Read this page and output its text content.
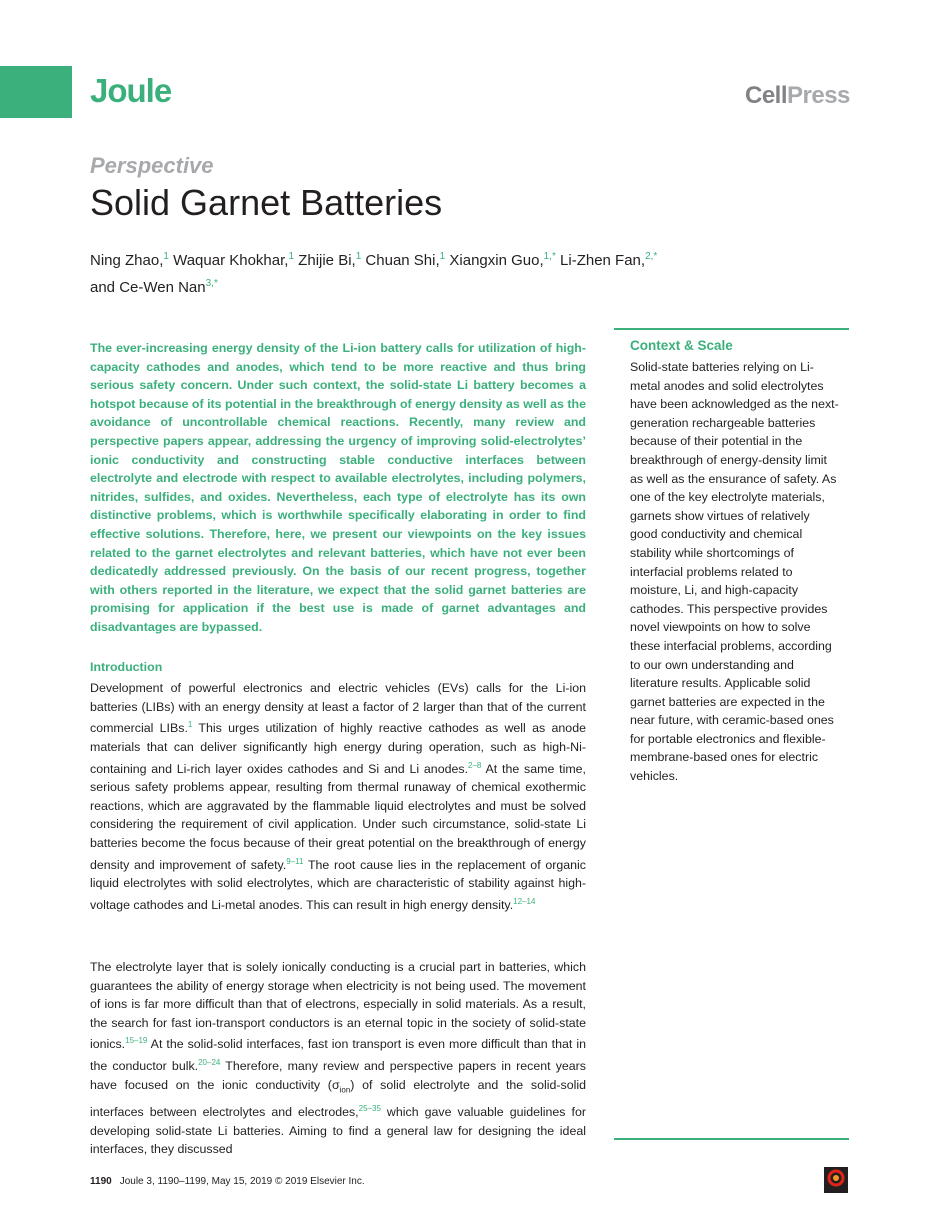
Joule	CellPress
Perspective
Solid Garnet Batteries
Ning Zhao,$^1$ Waquar Khokhar,$^1$ Zhijie Bi,$^1$ Chuan Shi,$^1$ Xiangxin Guo,$^{1,*}$ Li-Zhen Fan,$^{2,*}$
and Ce-Wen Nan$^{3,*}$
The ever-increasing energy density of the Li-ion battery calls for utilization of high-capacity cathodes and anodes, which tend to be more reactive and thus bring serious safety concern. Under such context, the solid-state Li battery becomes a hotspot because of its potential in the breakthrough of energy density as well as the avoidance of uncontrollable chemical reactions. Recently, many review and perspective papers appear, addressing the urgency of improving solid-electrolytes’ ionic conductivity and constructing stable conductive interfaces between electrolyte and electrode with respect to available electrolytes, including polymers, nitrides, sulfides, and oxides. Nevertheless, each type of electrolyte has its own distinctive problems, which is worthwhile specifically elaborating in order to find effective solutions. Therefore, here, we present our viewpoints on the key issues related to the garnet electrolytes and relevant batteries, which have not ever been dedicatedly addressed previously. On the basis of our recent progress, together with others reported in the literature, we expect that the solid garnet batteries are promising for application if the best use is made of garnet advantages and disadvantages are bypassed.
Introduction
Development of powerful electronics and electric vehicles (EVs) calls for the Li-ion batteries (LIBs) with an energy density at least a factor of 2 larger than that of the current commercial LIBs.$^1$ This urges utilization of highly reactive cathodes as well as anode materials that can deliver significantly high energy during operation, such as high-Ni-containing and Li-rich layer oxides cathodes and Si and Li anodes.$^{2-8}$ At the same time, serious safety problems appear, resulting from thermal runaway of chemical exothermic reactions, which are aggravated by the flammable liquid electrolytes and must be solved considering the requirement of civil application. Under such circumstance, solid-state Li batteries become the focus because of their great potential on the breakthrough of energy density and improvement of safety.$^{9-11}$ The root cause lies in the replacement of organic liquid electrolytes with solid electrolytes, which are characteristic of stability against high-voltage cathodes and Li-metal anodes. This can result in high energy density.$^{12-14}$
The electrolyte layer that is solely ionically conducting is a crucial part in batteries, which guarantees the ability of energy storage when electricity is not being used. The movement of ions is far more difficult than that of electrons, especially in solid materials. As a result, the search for fast ion-transport conductors is an eternal topic in the society of solid-state ionics.$^{15-19}$ At the solid-solid interfaces, fast ion transport is even more difficult than that in the conductor bulk.$^{20-24}$ Therefore, many review and perspective papers in recent years have focused on the ionic conductivity $(\sigma_{ion})$ of solid electrolyte and the solid-solid interfaces between electrolytes and electrodes,$^{25-35}$ which gave valuable guidelines for developing solid-state Li batteries. Aiming to find a general law for designing the ideal interfaces, they discussed
Context & Scale
Solid-state batteries relying on Li-metal anodes and solid electrolytes have been acknowledged as the next-generation rechargeable batteries because of their potential in the breakthrough of energy-density limit as well as the ensurance of safety. As one of the key electrolyte materials, garnets show virtues of relatively good conductivity and chemical stability while shortcomings of interfacial problems related to moisture, Li, and high-capacity cathodes. This perspective provides novel viewpoints on how to solve these interfacial problems, according to our own understanding and literature results. Applicable solid garnet batteries are expected in the near future, with ceramic-based ones for portable electronics and flexible-membrane-based ones for electric vehicles.
1190 Joule 3, 1190–1199, May 15, 2019 © 2019 Elsevier Inc.
